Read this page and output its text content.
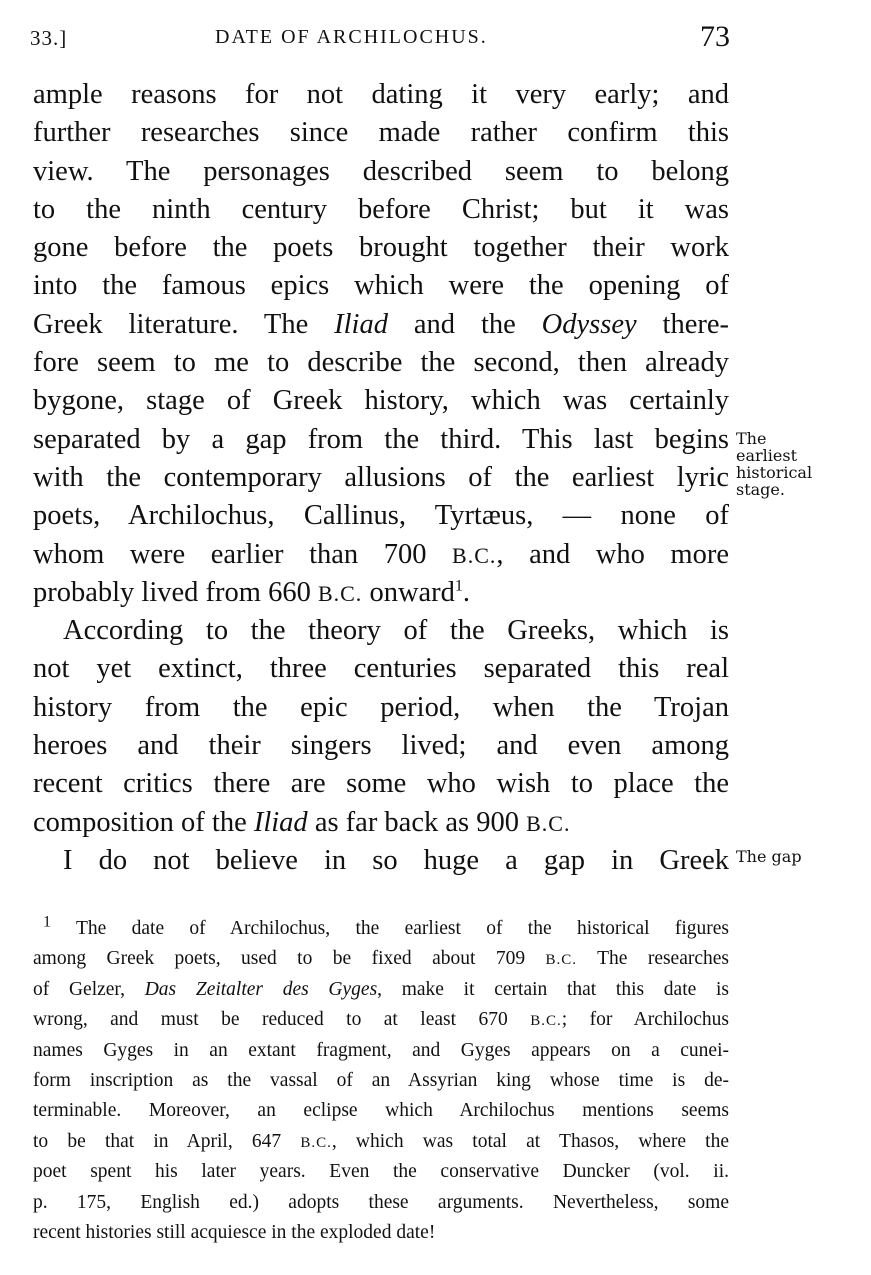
33.]	DATE OF ARCHILOCHUS.	73
ample reasons for not dating it very early; and
further researches since made rather confirm this
view. The personages described seem to belong
to the ninth century before Christ; but it was
gone before the poets brought together their work
into the famous epics which were the opening of
Greek literature. The Iliad and the Odyssey there-
fore seem to me to describe the second, then already
bygone, stage of Greek history, which was certainly
separated by a gap from the third. This last begins
with the contemporary allusions of the earliest lyric
poets, Archilochus, Callinus, Tyrtæus, — none of
whom were earlier than 700 B.C., and who more
probably lived from 660 B.C. onward$^1$.
According to the theory of the Greeks, which is
not yet extinct, three centuries separated this real
history from the epic period, when the Trojan
heroes and their singers lived; and even among
recent critics there are some who wish to place the
composition of the Iliad as far back as 900 B.C.
I do not believe in so huge a gap in Greek
The
earliest
historical
stage.
The gap
$^1$ The date of Archilochus, the earliest of the historical figures
among Greek poets, used to be fixed about 709 B.C. The researches
of Gelzer, Das Zeitalter des Gyges, make it certain that this date is
wrong, and must be reduced to at least 670 B.C.; for Archilochus
names Gyges in an extant fragment, and Gyges appears on a cunei-
form inscription as the vassal of an Assyrian king whose time is de-
terminable. Moreover, an eclipse which Archilochus mentions seems
to be that in April, 647 B.C., which was total at Thasos, where the
poet spent his later years. Even the conservative Duncker (vol. ii.
p. 175, English ed.) adopts these arguments. Nevertheless, some
recent histories still acquiesce in the exploded date!
